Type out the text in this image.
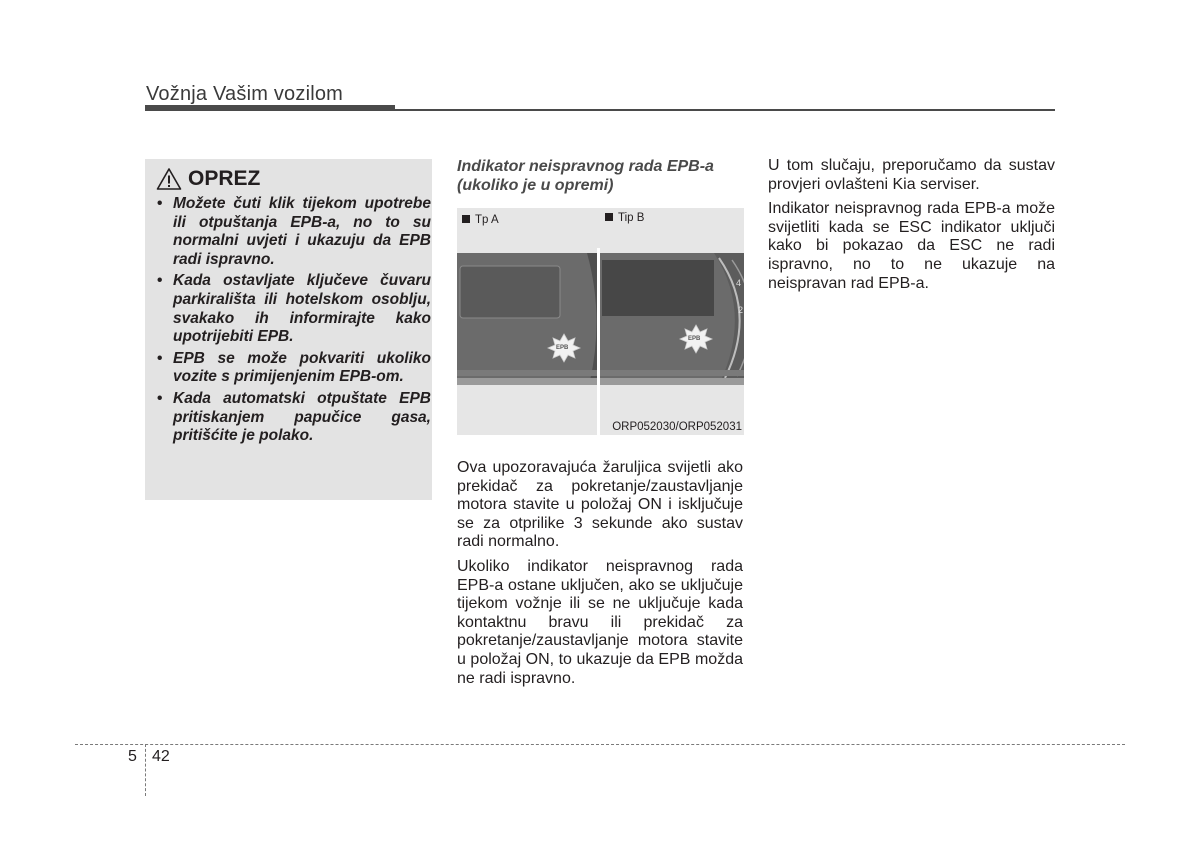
Vožnja Vašim vozilom
OPREZ
• Možete čuti klik tijekom upotrebe ili otpuštanja EPB-a, no to su normalni uvjeti i ukazuju da EPB radi ispravno.
• Kada ostavljate ključeve čuvaru parkirališta ili hotelskom osoblju, svakako ih informirajte kako upotrijebiti EPB.
• EPB se može pokvariti ukoliko vozite s primijenjenim EPB-om.
• Kada automatski otpuštate EPB pritiskanjem papučice gasa, pritišćite je polako.
Indikator neispravnog rada EPB-a (ukoliko je u opremi)
Tp A	Tip B
EPB
EPB
4
2
ORP052030/ORP052031

Ova upozoravajuća žaruljica svijetli ako prekidač za pokretanje/zaustavljanje motora stavite u položaj ON i isključuje se za otprilike 3 sekunde ako sustav radi normalno.

Ukoliko indikator neispravnog rada EPB-a ostane uključen, ako se uključuje tijekom vožnje ili se ne uključuje kada kontaktnu bravu ili prekidač za pokretanje/zaustavljanje motora stavite u položaj ON, to ukazuje da EPB možda ne radi ispravno.

U tom slučaju, preporučamo da sustav provjeri ovlašteni Kia serviser.

Indikator neispravnog rada EPB-a može svijetliti kada se ESC indikator uključi kako bi pokazao da ESC ne radi ispravno, no to ne ukazuje na neispravan rad EPB-a.

5 42
